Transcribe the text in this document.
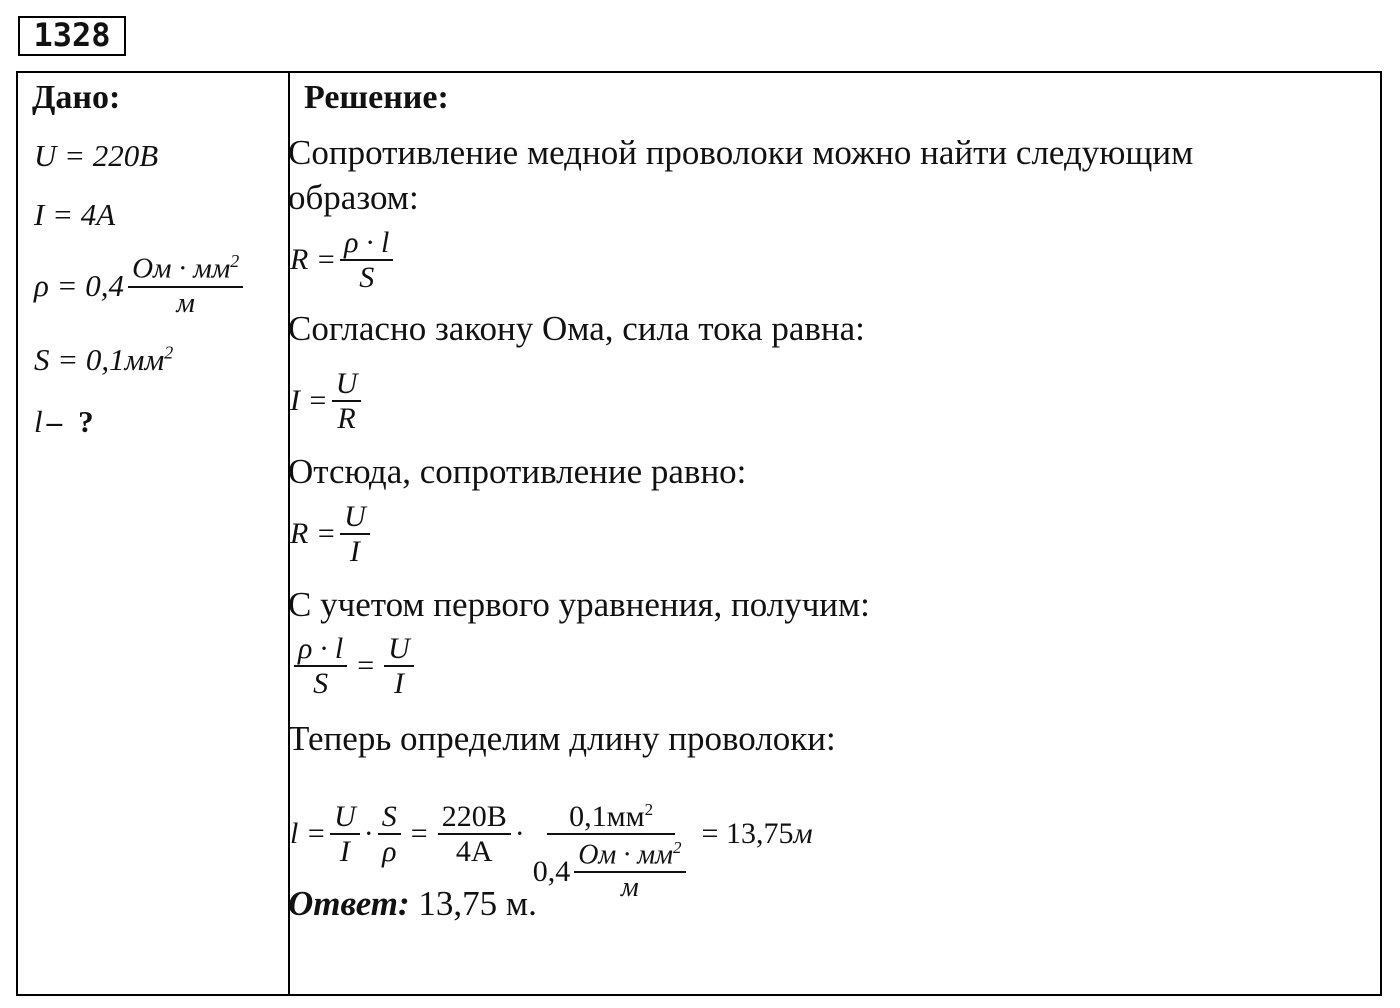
1328
Дано:
U = 220B
I = 4A
$\rho = 0,4 \frac{Ом \cdot мм^2}{м}$
$S = 0,1мм^2$
l – ?
Решение:
Сопротивление медной проволоки можно найти следующим
образом:
$R = \frac{\rho \cdot l}{S}$
Согласно закону Ома, сила тока равна:
$I = \frac{U}{R}$
Отсюда, сопротивление равно:
$R = \frac{U}{I}$
С учетом первого уравнения, получим:
$\frac{\rho \cdot l}{S} = \frac{U}{I}$
Теперь определим длину проволоки:
$l = \frac{U}{I} \cdot \frac{S}{\rho} = \frac{220B}{4A} \cdot \frac{0,1мм^2}{0,4 \frac{Ом \cdot мм^2}{м}} = 13,75$ м
Ответ: 13,75 м.
